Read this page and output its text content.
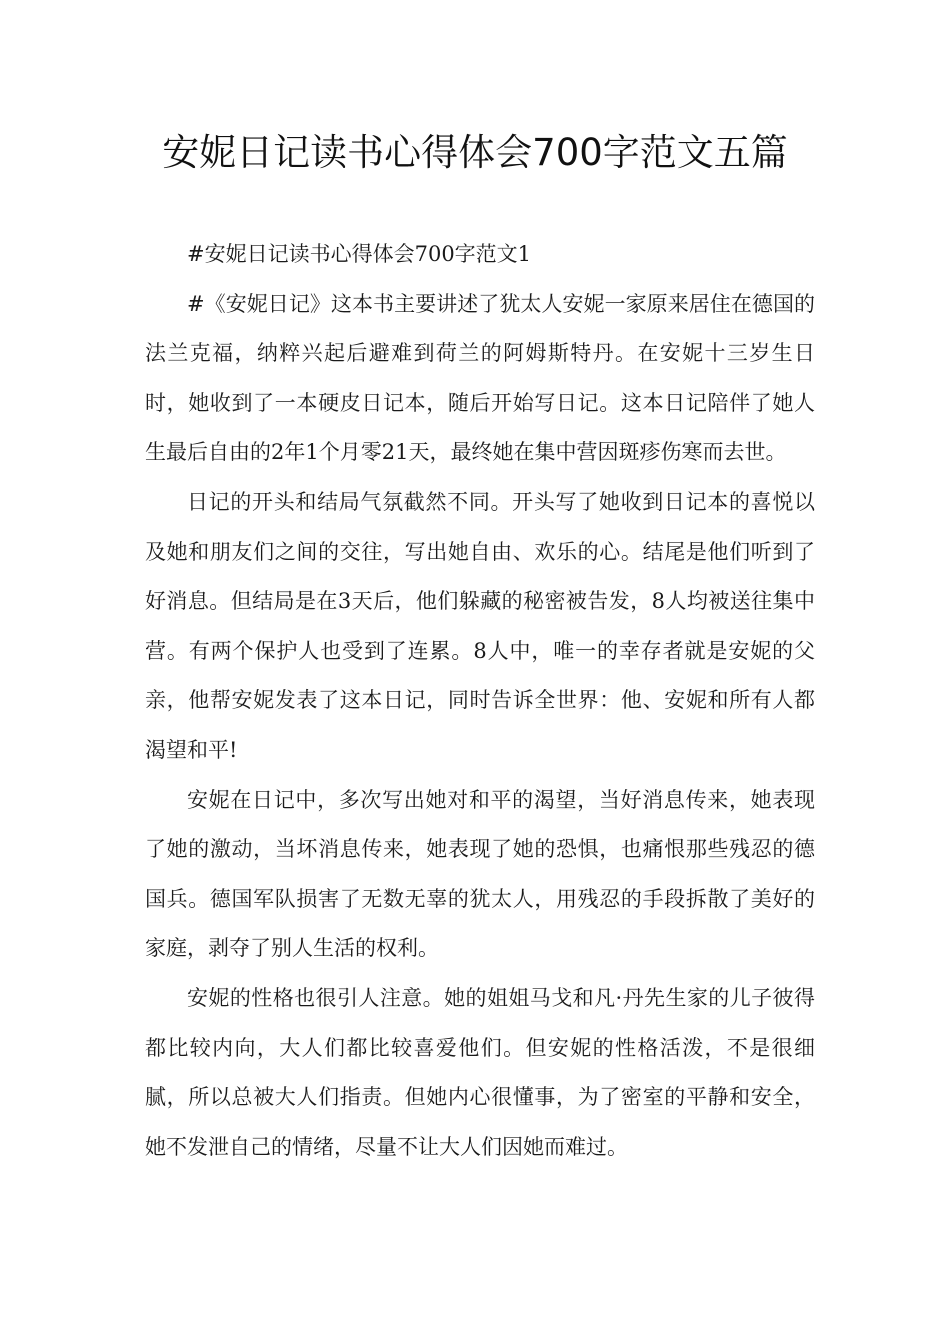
安妮日记读书心得体会700字范文五篇
#安妮日记读书心得体会700字范文1

#《安妮日记》这本书主要讲述了犹太人安妮一家原来居住在德国的法兰克福，纳粹兴起后避难到荷兰的阿姆斯特丹。在安妮十三岁生日时，她收到了一本硬皮日记本，随后开始写日记。这本日记陪伴了她人生最后自由的2年1个月零21天，最终她在集中营因斑疹伤寒而去世。

日记的开头和结局气氛截然不同。开头写了她收到日记本的喜悦以及她和朋友们之间的交往，写出她自由、欢乐的心。结尾是他们听到了好消息。但结局是在3天后，他们躲藏的秘密被告发，8人均被送往集中营。有两个保护人也受到了连累。8人中，唯一的幸存者就是安妮的父亲，他帮安妮发表了这本日记，同时告诉全世界：他、安妮和所有人都渴望和平!

安妮在日记中，多次写出她对和平的渴望，当好消息传来，她表现了她的激动，当坏消息传来，她表现了她的恐惧，也痛恨那些残忍的德国兵。德国军队损害了无数无辜的犹太人，用残忍的手段拆散了美好的家庭，剥夺了别人生活的权利。

安妮的性格也很引人注意。她的姐姐马戈和凡·丹先生家的儿子彼得都比较内向，大人们都比较喜爱他们。但安妮的性格活泼，不是很细腻，所以总被大人们指责。但她内心很懂事，为了密室的平静和安全，她不发泄自己的情绪，尽量不让大人们因她而难过。
